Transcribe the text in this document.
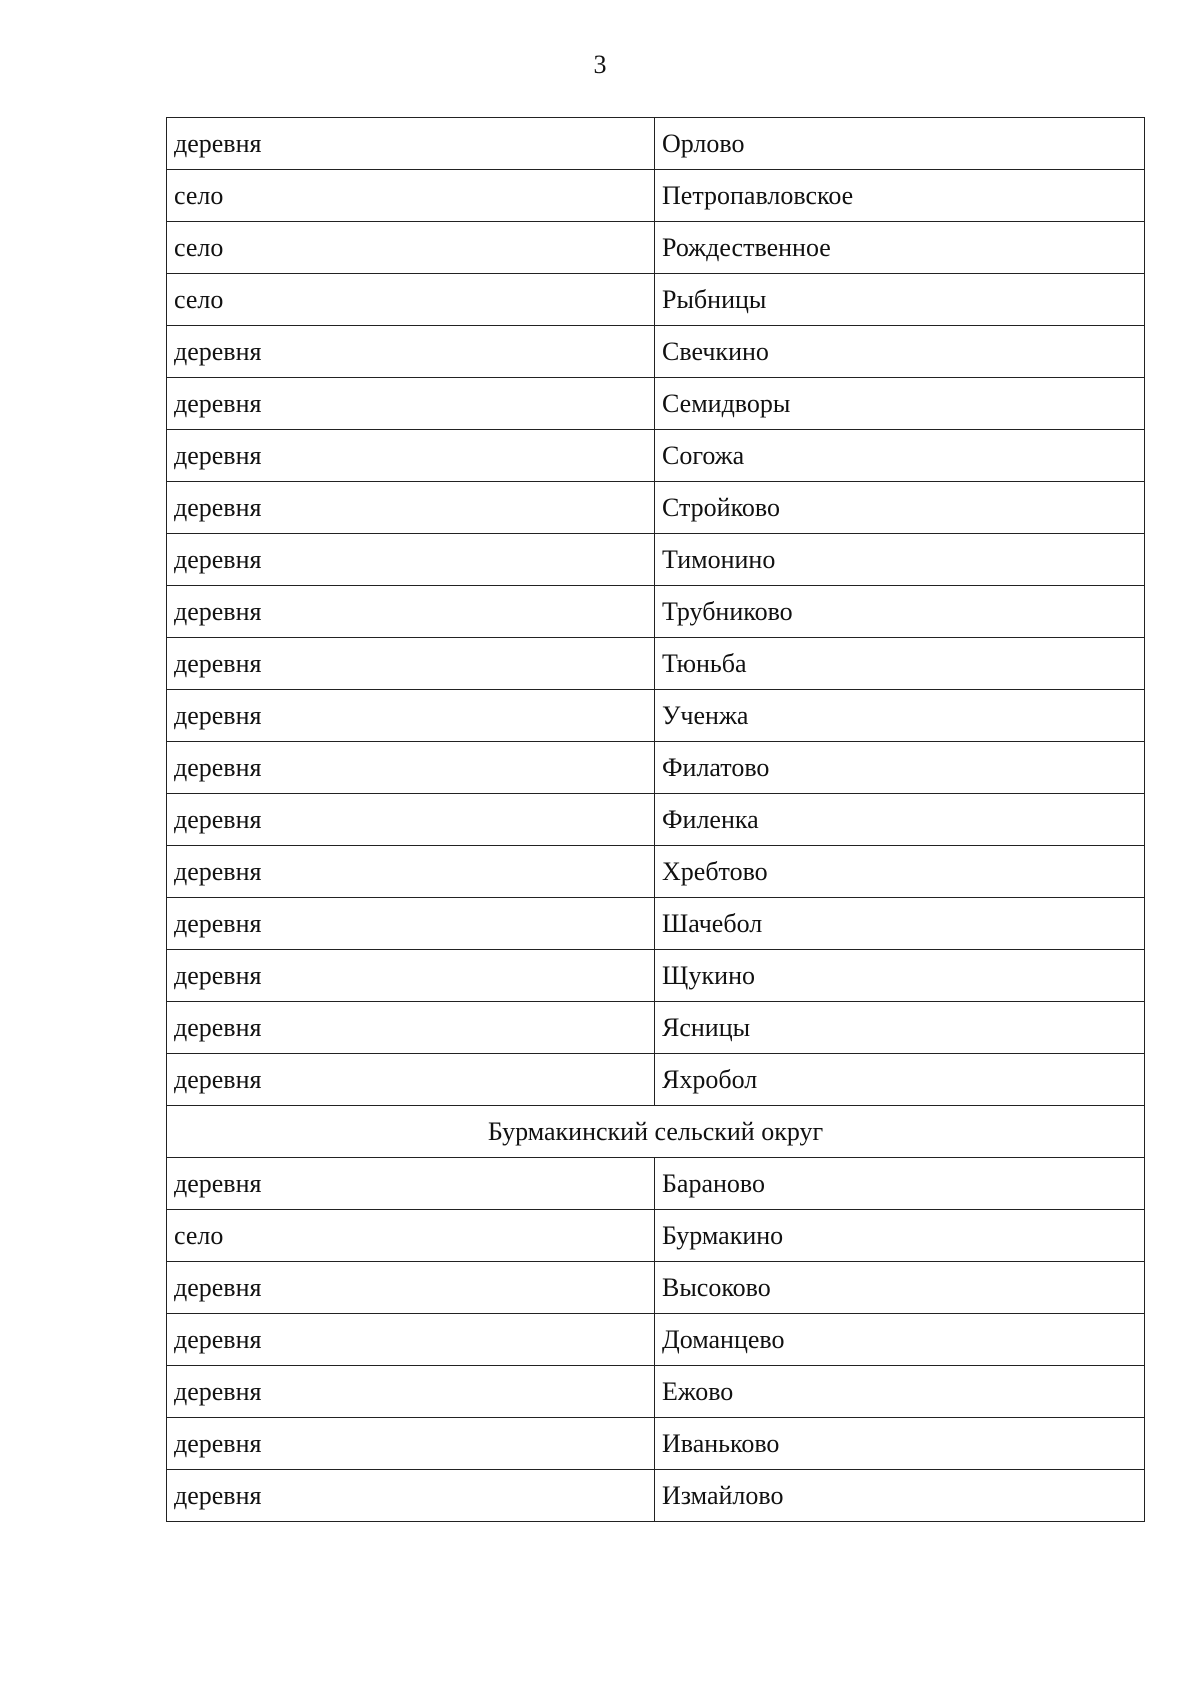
3
деревня	Орлово
село	Петропавловское
село	Рождественное
село	Рыбницы
деревня	Свечкино
деревня	Семидворы
деревня	Согожа
деревня	Стройково
деревня	Тимонино
деревня	Трубниково
деревня	Тюньба
деревня	Ученжа
деревня	Филатово
деревня	Филенка
деревня	Хребтово
деревня	Шачебол
деревня	Щукино
деревня	Ясницы
деревня	Яхробол
Бурмакинский сельский округ	
деревня	Бараново
село	Бурмакино
деревня	Высоково
деревня	Доманцево
деревня	Ежово
деревня	Иваньково
деревня	Измайлово
